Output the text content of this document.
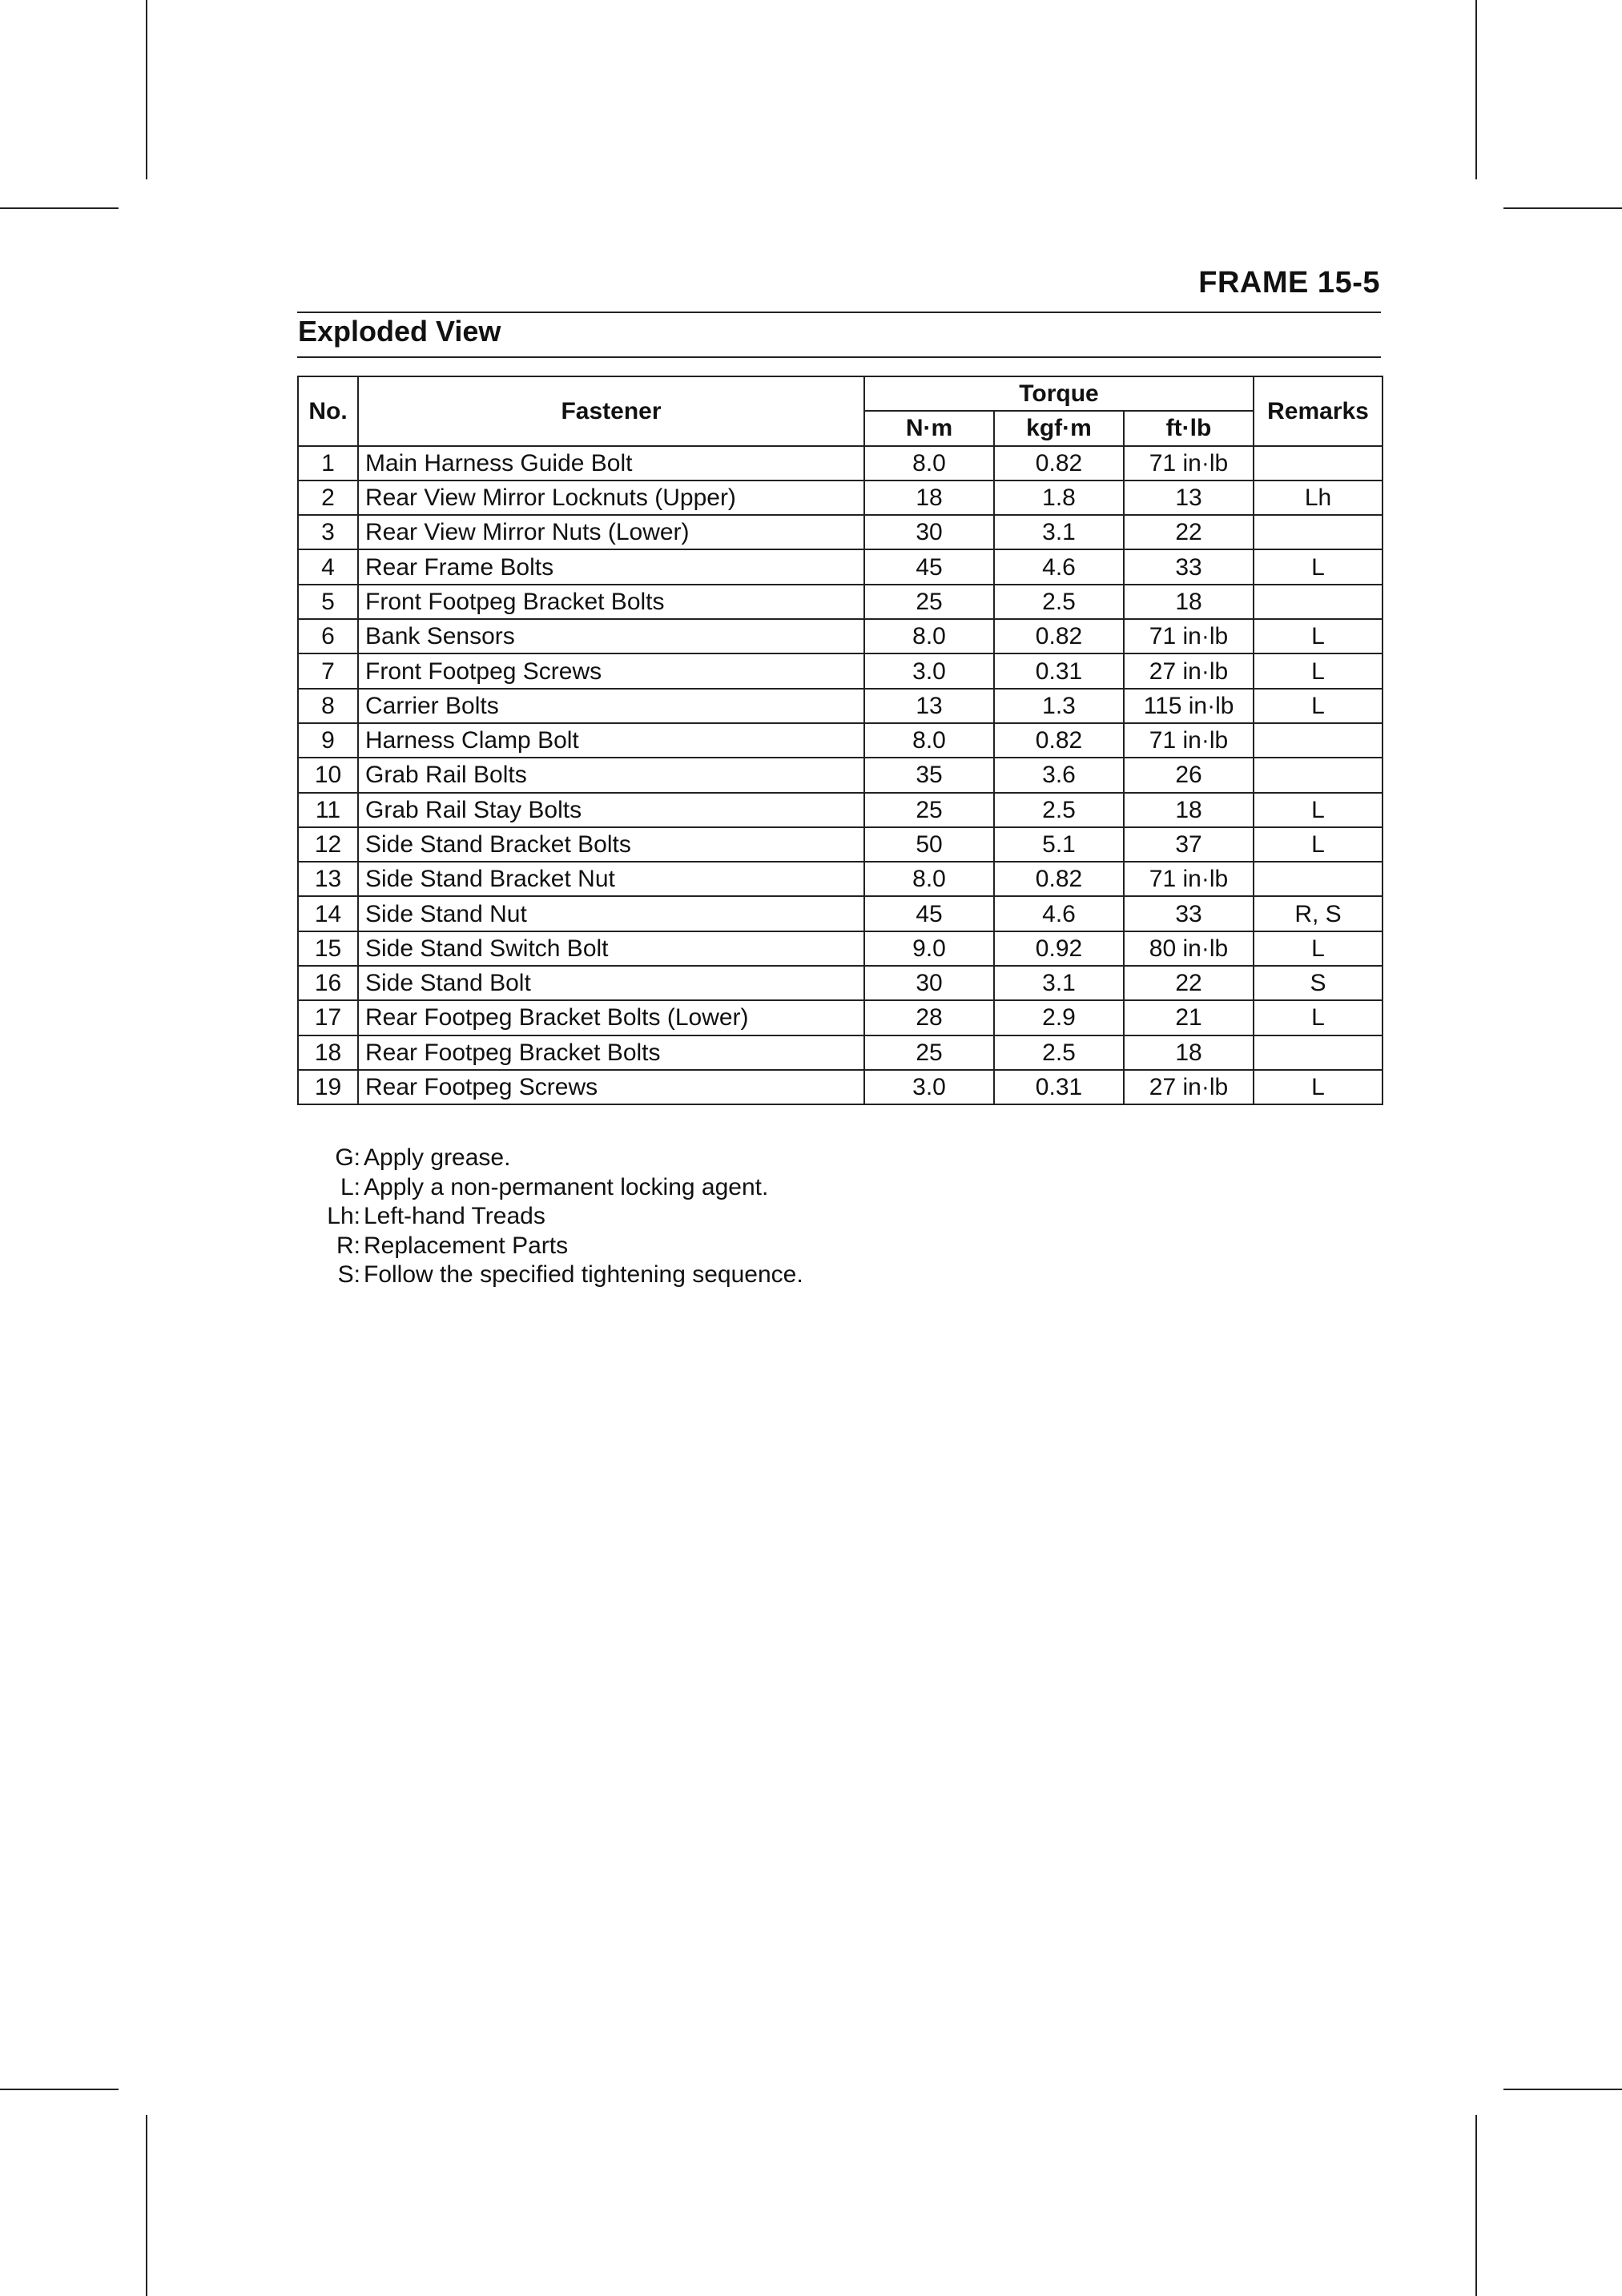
FRAME 15-5
Exploded View
No.	Fastener	Torque			Remarks
		N·m	kgf·m	ft·lb	
1	Main Harness Guide Bolt	8.0	0.82	71 in·lb	
2	Rear View Mirror Locknuts (Upper)	18	1.8	13	Lh
3	Rear View Mirror Nuts (Lower)	30	3.1	22	
4	Rear Frame Bolts	45	4.6	33	L
5	Front Footpeg Bracket Bolts	25	2.5	18	
6	Bank Sensors	8.0	0.82	71 in·lb	L
7	Front Footpeg Screws	3.0	0.31	27 in·lb	L
8	Carrier Bolts	13	1.3	115 in·lb	L
9	Harness Clamp Bolt	8.0	0.82	71 in·lb	
10	Grab Rail Bolts	35	3.6	26	
11	Grab Rail Stay Bolts	25	2.5	18	L
12	Side Stand Bracket Bolts	50	5.1	37	L
13	Side Stand Bracket Nut	8.0	0.82	71 in·lb	
14	Side Stand Nut	45	4.6	33	R, S
15	Side Stand Switch Bolt	9.0	0.92	80 in·lb	L
16	Side Stand Bolt	30	3.1	22	S
17	Rear Footpeg Bracket Bolts (Lower)	28	2.9	21	L
18	Rear Footpeg Bracket Bolts	25	2.5	18	
19	Rear Footpeg Screws	3.0	0.31	27 in·lb	L
G: Apply grease.
L: Apply a non-permanent locking agent.
Lh: Left-hand Treads
R: Replacement Parts
S: Follow the specified tightening sequence.
